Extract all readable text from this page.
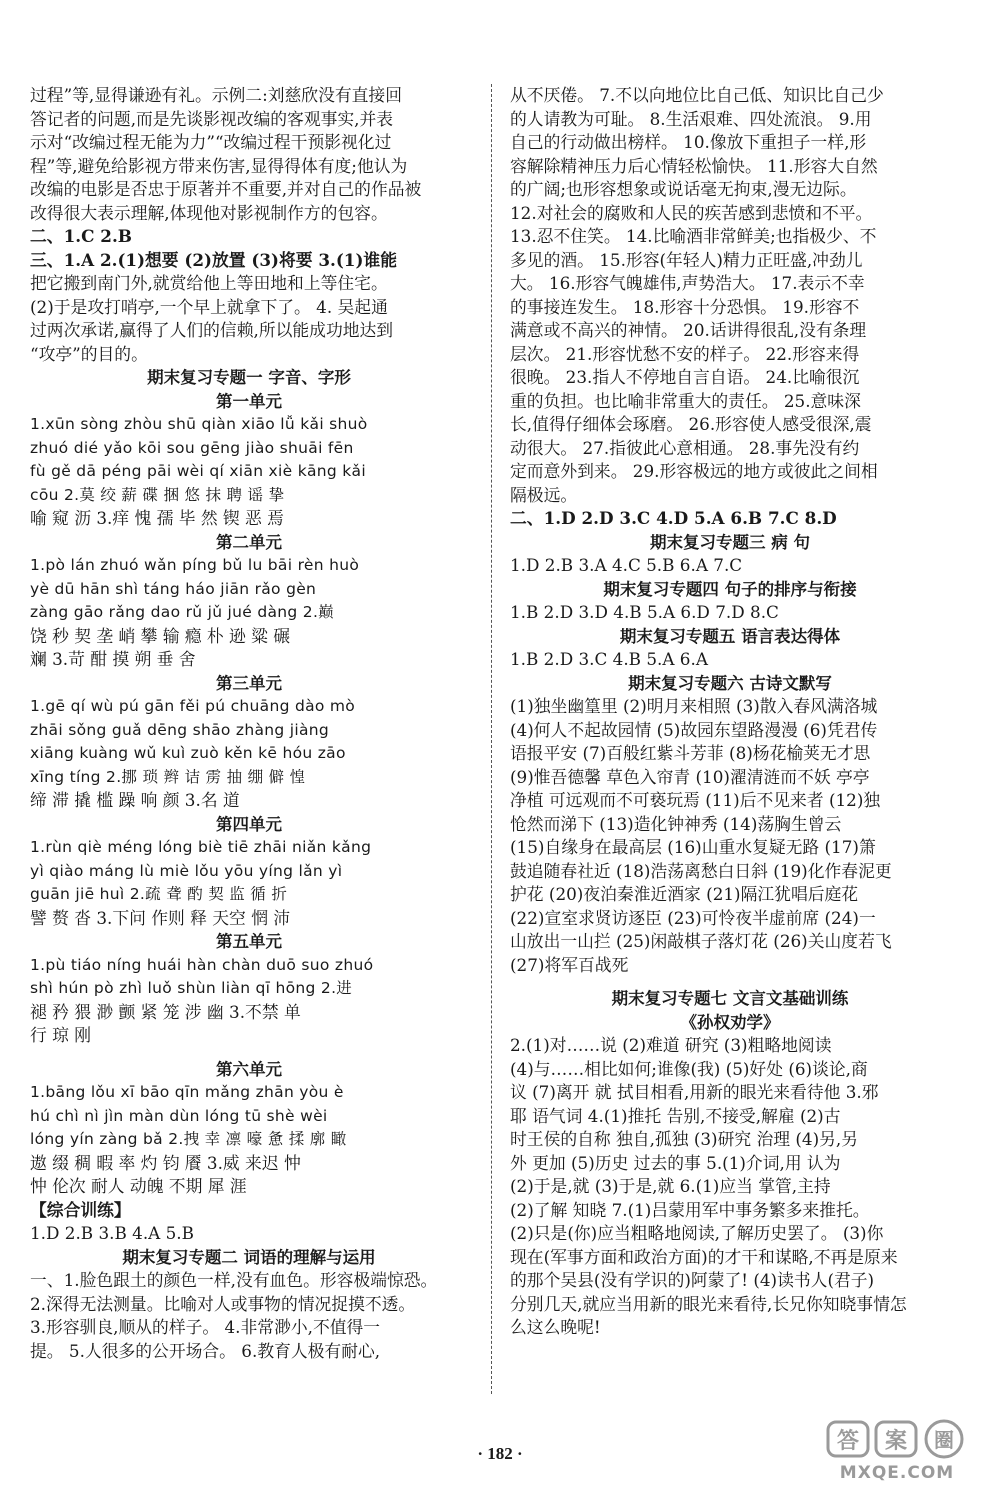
过程”等,显得谦逊有礼。示例二:刘慈欣没有直接回
答记者的问题,而是先谈影视改编的客观事实,并表
示对“改编过程无能为力”“改编过程干预影视化过
程”等,避免给影视方带来伤害,显得得体有度;他认为
改编的电影是否忠于原著并不重要,并对自己的作品被
改得很大表示理解,体现他对影视制作方的包容。
二、1.C 2.B
三、1.A 2.(1)想要 (2)放置 (3)将要 3.(1)谁能
把它搬到南门外,就赏给他上等田地和上等住宅。
(2)于是攻打哨亭,一个早上就拿下了。 4. 吴起通
过两次承诺,赢得了人们的信赖,所以能成功地达到
“攻亭”的目的。
期末复习专题一 字音、字形
第一单元
1.xūn sòng zhòu shū qiàn xiāo lǚ kǎi shuò
zhuó dié yǎo kōi sou gēng jiào shuāi fēn
fù gě dā péng pāi wèi qí xiān xiè kāng kǎi
cōu 2.莫 绞 薪 碟 捆 悠 抹 聘 谣 挚
喻 窥 沥 3.痒 愧 孺 毕 然 锲 恶 焉
第二单元
1.pò lán zhuó wǎn píng bǔ lu bāi rèn huò
yè dū hān shì táng háo jiān rǎo gèn
zàng gāo rǎng dao rǔ jǔ jué dàng 2.巅
饶 秒 契 垄 峭 攀 输 瘾 朴 逊 粱 碾
斓 3.苛 酣 摸 朔 垂 舍
第三单元
1.gē qí wù pú gān fěi pú chuāng dào mò
zhāi sǒng guǎ dēng shāo zhàng jiàng
xiāng kuàng wǔ kuì zuò kěn kē hóu zāo
xīng tíng 2.挪 琐 辫 诘 雳 抽 绷 僻 惶
缔 滞 撬 槛 躁 响 颜 3.名 道
第四单元
1.rùn qiè méng lóng biè tiē zhāi niǎn kǎng
yì qiào máng lù miè lǒu yōu yíng lǎn yì
guān jiē huì 2.疏 聋 酌 契 监 循 折
譬 赘 沓 3.下问 作则 释 天空 惘 沛
第五单元
1.pù tiáo níng huái hàn chàn duō suo zhuó
shì hún pò zhì luǒ shùn liàn qī hōng 2.进
褪 矜 猥 渺 颤 紧 笼 涉 幽 3.不禁 单
行 琼 刚
第六单元
1.bāng lǒu xī bāo qīn mǎng zhān yòu è
hú chì nì jìn màn dùn lóng tū shè wèi
lóng yín zàng bǎ 2.拽 幸 凛 嚎 惫 揉 廓 瞰
遨 缀 稠 暇 率 灼 钧 餍 3.威 来迟 忡
忡 伦次 耐人 动魄 不期 犀 涯
【综合训练】
1.D 2.B 3.B 4.A 5.B
期末复习专题二 词语的理解与运用
一、1.脸色跟土的颜色一样,没有血色。形容极端惊恐。
2.深得无法测量。比喻对人或事物的情况捉摸不透。
3.形容驯良,顺从的样子。 4.非常渺小,不值得一
提。 5.人很多的公开场合。 6.教育人极有耐心,
从不厌倦。 7.不以向地位比自己低、知识比自己少
的人请教为可耻。 8.生活艰难、四处流浪。 9.用
自己的行动做出榜样。 10.像放下重担子一样,形
容解除精神压力后心情轻松愉快。 11.形容大自然
的广阔;也形容想象或说话毫无拘束,漫无边际。
12.对社会的腐败和人民的疾苦感到悲愤和不平。
13.忍不住笑。 14.比喻酒非常鲜美;也指极少、不
多见的酒。 15.形容(年轻人)精力正旺盛,冲劲儿
大。 16.形容气魄雄伟,声势浩大。 17.表示不幸
的事接连发生。 18.形容十分恐惧。 19.形容不
满意或不高兴的神情。 20.话讲得很乱,没有条理
层次。 21.形容忧愁不安的样子。 22.形容来得
很晚。 23.指人不停地自言自语。 24.比喻很沉
重的负担。也比喻非常重大的责任。 25.意味深
长,值得仔细体会琢磨。 26.形容使人感受很深,震
动很大。 27.指彼此心意相通。 28.事先没有约
定而意外到来。 29.形容极远的地方或彼此之间相
隔极远。
二、1.D 2.D 3.C 4.D 5.A 6.B 7.C 8.D
期末复习专题三 病 句
1.D 2.B 3.A 4.C 5.B 6.A 7.C
期末复习专题四 句子的排序与衔接
1.B 2.D 3.D 4.B 5.A 6.D 7.D 8.C
期末复习专题五 语言表达得体
1.B 2.D 3.C 4.B 5.A 6.A
期末复习专题六 古诗文默写
(1)独坐幽篁里 (2)明月来相照 (3)散入春风满洛城
(4)何人不起故园情 (5)故园东望路漫漫 (6)凭君传
语报平安 (7)百般红紫斗芳菲 (8)杨花榆荚无才思
(9)惟吾德馨 草色入帘青 (10)濯清涟而不妖 亭亭
净植 可远观而不可亵玩焉 (11)后不见来者 (12)独
怆然而涕下 (13)造化钟神秀 (14)荡胸生曾云
(15)自缘身在最高层 (16)山重水复疑无路 (17)箫
鼓追随春社近 (18)浩荡离愁白日斜 (19)化作春泥更
护花 (20)夜泊秦淮近酒家 (21)隔江犹唱后庭花
(22)宣室求贤访逐臣 (23)可怜夜半虚前席 (24)一
山放出一山拦 (25)闲敲棋子落灯花 (26)关山度若飞
(27)将军百战死
期末复习专题七 文言文基础训练
《孙权劝学》
2.(1)对……说 (2)难道 研究 (3)粗略地阅读
(4)与……相比如何;谁像(我) (5)好处 (6)谈论,商
议 (7)离开 就 拭目相看,用新的眼光来看待他 3.邪
耶 语气词 4.(1)推托 告别,不接受,解雇 (2)古
时王侯的自称 独自,孤独 (3)研究 治理 (4)另,另
外 更加 (5)历史 过去的事 5.(1)介词,用 认为
(2)于是,就 (3)于是,就 6.(1)应当 掌管,主持
(2)了解 知晓 7.(1)吕蒙用军中事务繁多来推托。
(2)只是(你)应当粗略地阅读,了解历史罢了。 (3)你
现在(军事方面和政治方面)的才干和谋略,不再是原来
的那个吴县(没有学识的)阿蒙了! (4)读书人(君子)
分别几天,就应当用新的眼光来看待,长兄你知晓事情怎
么这么晚呢!
· 182 ·	答 案 圈
MXQE.COM
